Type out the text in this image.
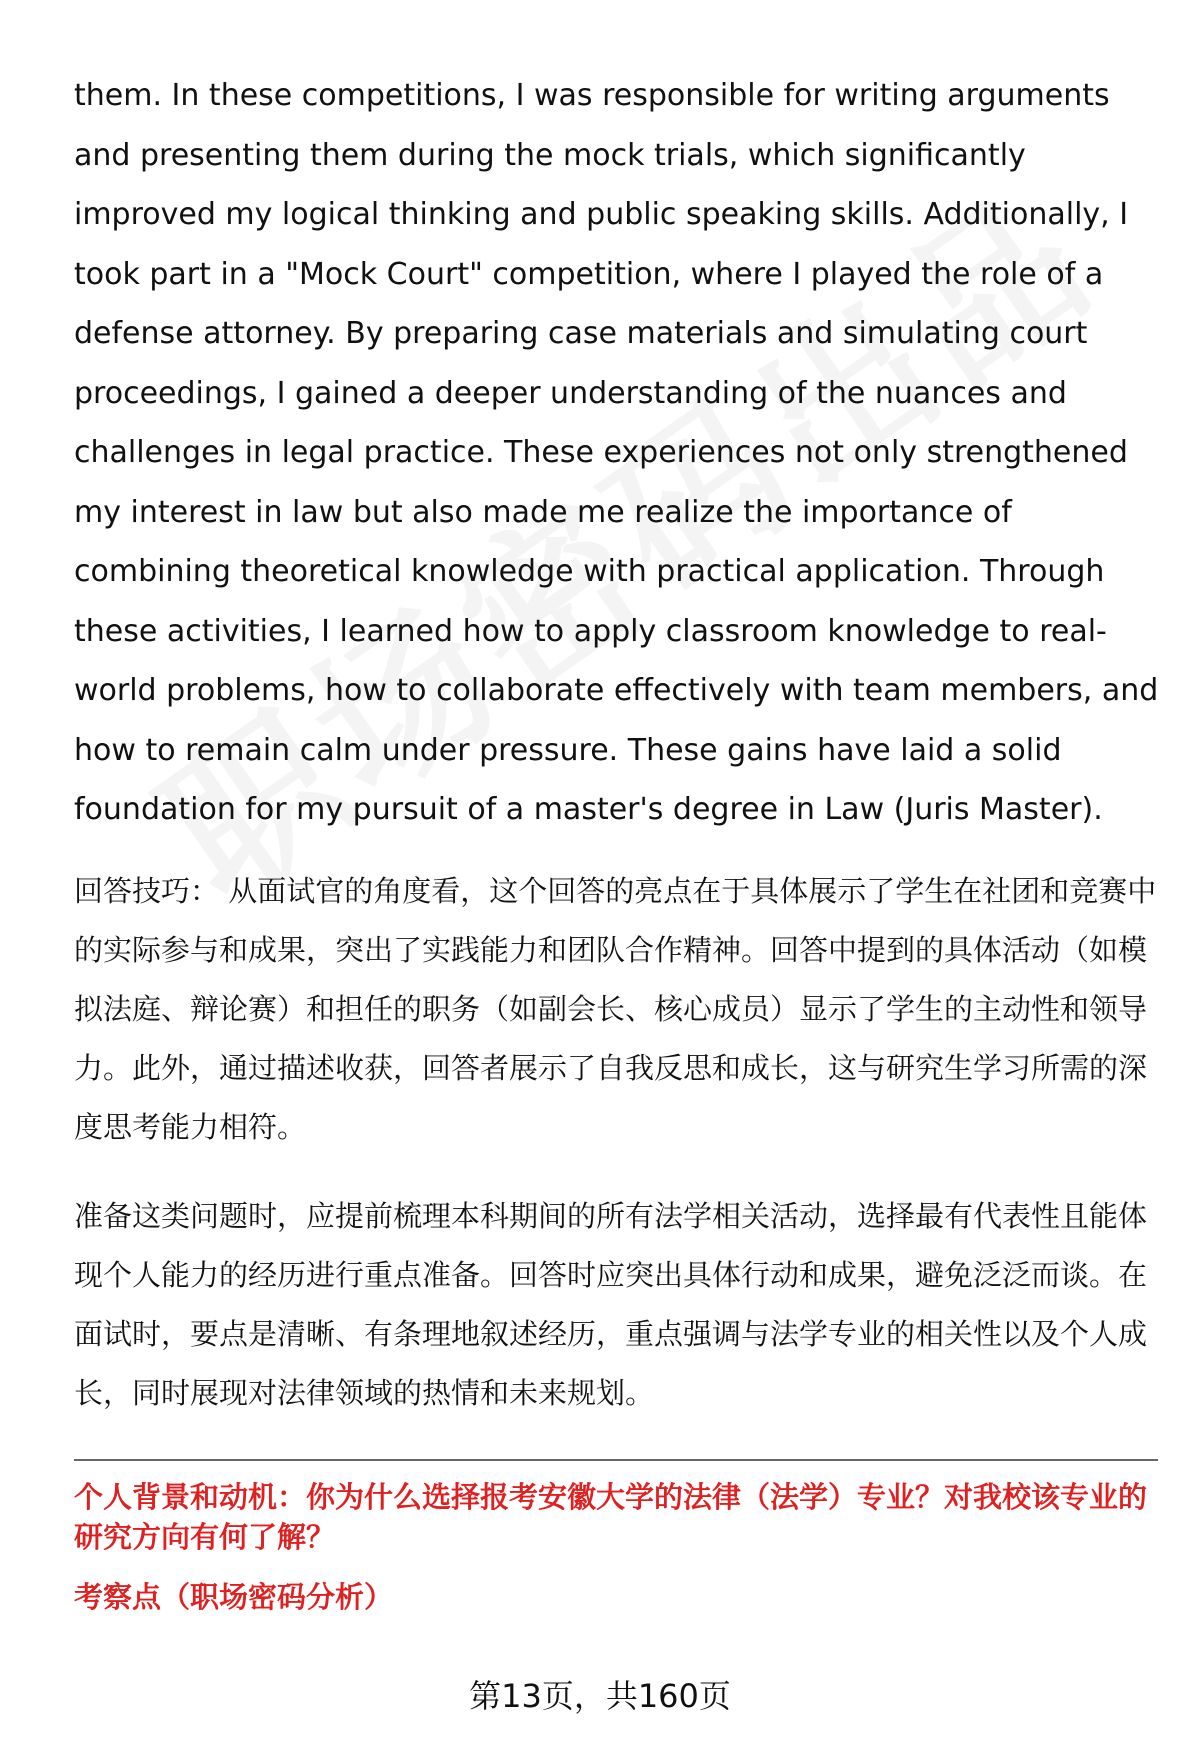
them. In these competitions, I was responsible for writing arguments and presenting them during the mock trials, which significantly improved my logical thinking and public speaking skills. Additionally, I took part in a "Mock Court" competition, where I played the role of a defense attorney. By preparing case materials and simulating court proceedings, I gained a deeper understanding of the nuances and challenges in legal practice. These experiences not only strengthened my interest in law but also made me realize the importance of combining theoretical knowledge with practical application. Through these activities, I learned how to apply classroom knowledge to real-world problems, how to collaborate effectively with team members, and how to remain calm under pressure. These gains have laid a solid foundation for my pursuit of a master's degree in Law (Juris Master).

回答技巧： 从面试官的角度看，这个回答的亮点在于具体展示了学生在社团和竞赛中的实际参与和成果，突出了实践能力和团队合作精神。回答中提到的具体活动（如模拟法庭、辩论赛）和担任的职务（如副会长、核心成员）显示了学生的主动性和领导力。此外，通过描述收获，回答者展示了自我反思和成长，这与研究生学习所需的深度思考能力相符。

准备这类问题时，应提前梳理本科期间的所有法学相关活动，选择最有代表性且能体现个人能力的经历进行重点准备。回答时应突出具体行动和成果，避免泛泛而谈。在面试时，要点是清晰、有条理地叙述经历，重点强调与法学专业的相关性以及个人成长，同时展现对法律领域的热情和未来规划。

个人背景和动机：你为什么选择报考安徽大学的法律（法学）专业？对我校该专业的研究方向有何了解？

考察点（职场密码分析）

第13页，共160页
